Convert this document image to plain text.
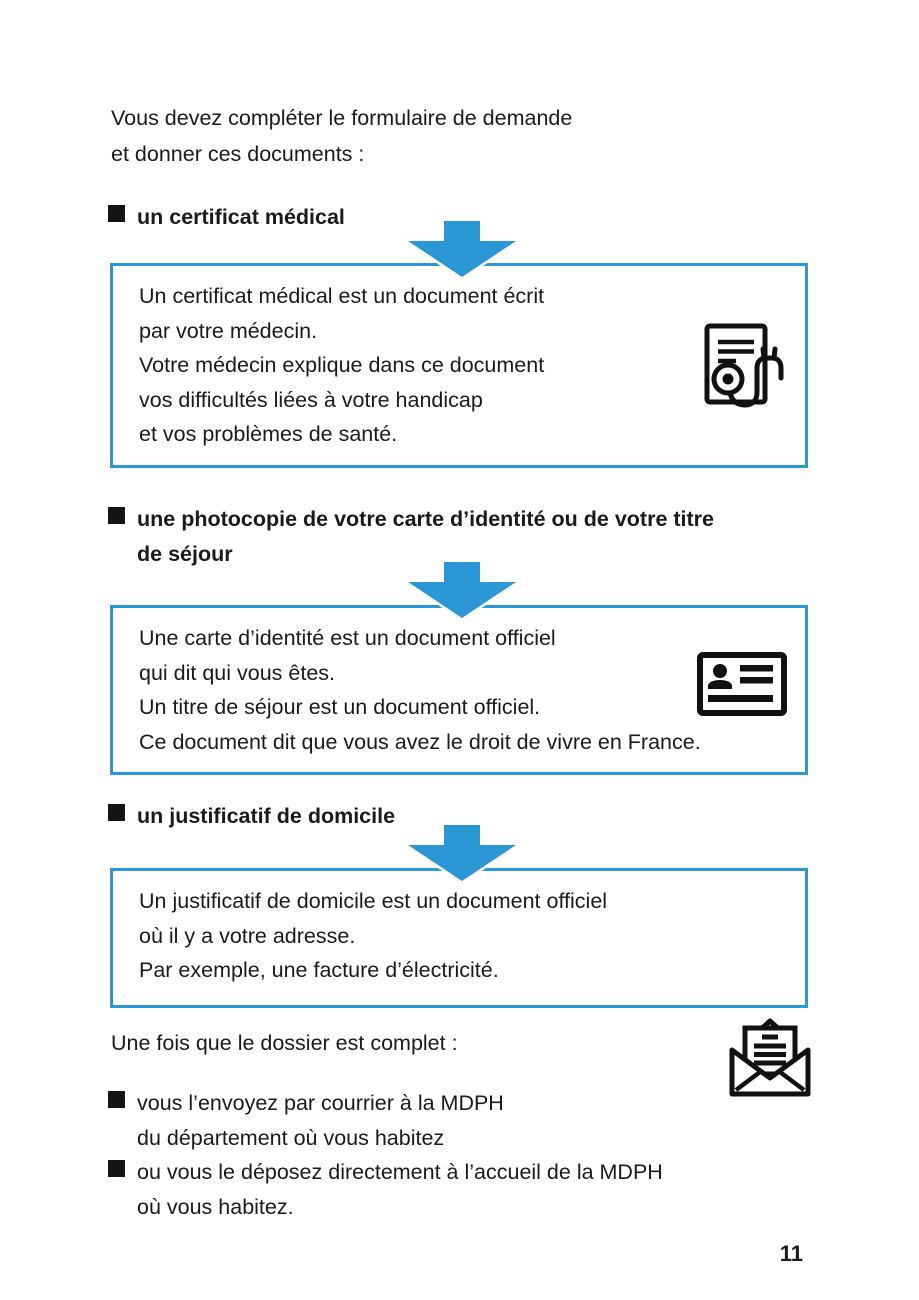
Vous devez compléter le formulaire de demande
et donner ces documents :
un certificat médical
Un certificat médical est un document écrit
par votre médecin.
Votre médecin explique dans ce document
vos difficultés liées à votre handicap
et vos problèmes de santé.
une photocopie de votre carte d’identité ou de votre titre
de séjour
Une carte d’identité est un document officiel
qui dit qui vous êtes.
Un titre de séjour est un document officiel.
Ce document dit que vous avez le droit de vivre en France.
un justificatif de domicile
Un justificatif de domicile est un document officiel
où il y a votre adresse.
Par exemple, une facture d’électricité.
Une fois que le dossier est complet :
vous l’envoyez par courrier à la MDPH
du département où vous habitez
ou vous le déposez directement à l’accueil de la MDPH
où vous habitez.
11
